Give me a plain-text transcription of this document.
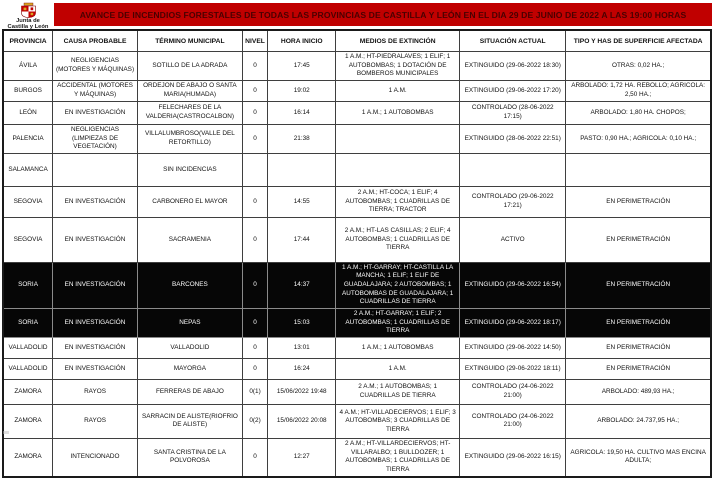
Junta de
Castilla y León
AVANCE DE INCENDIOS FORESTALES DE TODAS LAS PROVINCIAS DE CASTILLA Y LEÓN EN EL DIA 29 DE JUNIO DE 2022 A LAS 19:00 HORAS
PROVINCIA	CAUSA PROBABLE	TÉRMINO MUNICIPAL	NIVEL	HORA INICIO	MEDIOS DE EXTINCIÓN	SITUACIÓN ACTUAL	TIPO Y HAS DE SUPERFICIE AFECTADA
ÁVILA	NEGLIGENCIAS (MOTORES Y MÁQUINAS)	SOTILLO DE LA ADRADA	0	17:45	1 A.M.; HT-PIEDRALAVES; 1 ELIF; 1 AUTOBOMBAS; 1 DOTACIÓN DE BOMBEROS MUNICIPALES	EXTINGUIDO (29-06-2022 18:30)	OTRAS: 0,02 HA.;
BURGOS	ACCIDENTAL (MOTORES Y MÁQUINAS)	ORDEJON DE ABAJO O SANTA MARIA(HUMADA)	0	19:02	1 A.M.	EXTINGUIDO (29-06-2022 17:20)	ARBOLADO: 1,72 HA. REBOLLO; AGRICOLA: 2,50 HA.;
LEÓN	EN INVESTIGACIÓN	FELECHARES DE LA VALDERIA(CASTROCALBON)	0	16:14	1 A.M.; 1 AUTOBOMBAS	CONTROLADO (28-06-2022 17:15)	ARBOLADO: 1,80 HA. CHOPOS;
PALENCIA	NEGLIGENCIAS (LIMPIEZAS DE VEGETACIÓN)	VILLALUMBROSO(VALLE DEL RETORTILLO)	0	21:38		EXTINGUIDO (28-06-2022 22:51)	PASTO: 0,90 HA.; AGRICOLA: 0,10 HA.;
SALAMANCA		SIN INCIDENCIAS					
SEGOVIA	EN INVESTIGACIÓN	CARBONERO EL MAYOR	0	14:55	2 A.M.; HT-COCA; 1 ELIF; 4 AUTOBOMBAS; 1 CUADRILLAS DE TIERRA; TRACTOR	CONTROLADO (29-06-2022 17:21)	EN PERIMETRACIÓN
SEGOVIA	EN INVESTIGACIÓN	SACRAMENIA	0	17:44	2 A.M.; HT-LAS CASILLAS; 2 ELIF; 4 AUTOBOMBAS; 1 CUADRILLAS DE TIERRA	ACTIVO	EN PERIMETRACIÓN
SORIA	EN INVESTIGACIÓN	BARCONES	0	14:37	1 A.M.; HT-GARRAY; HT-CASTILLA LA MANCHA; 1 ELIF; 1 ELIF DE GUADALAJARA; 2 AUTOBOMBAS; 1 AUTOBOMBAS DE GUADALAJARA; 1 CUADRILLAS DE TIERRA	EXTINGUIDO (29-06-2022 16:54)	EN PERIMETRACIÓN
SORIA	EN INVESTIGACIÓN	NEPAS	0	15:03	2 A.M.; HT-GARRAY; 1 ELIF; 2 AUTOBOMBAS; 1 CUADRILLAS DE TIERRA	EXTINGUIDO (29-06-2022 18:17)	EN PERIMETRACIÓN
VALLADOLID	EN INVESTIGACIÓN	VALLADOLID	0	13:01	1 A.M.; 1 AUTOBOMBAS	EXTINGUIDO (29-06-2022 14:50)	EN PERIMETRACIÓN
VALLADOLID	EN INVESTIGACIÓN	MAYORGA	0	16:24	1 A.M.	EXTINGUIDO (29-06-2022 18:11)	EN PERIMETRACIÓN
ZAMORA	RAYOS	FERRERAS DE ABAJO	0(1)	15/06/2022 19:48	2 A.M.; 1 AUTOBOMBAS; 1 CUADRILLAS DE TIERRA	CONTROLADO (24-06-2022 21:00)	ARBOLADO: 489,93 HA.;
ZAMORA	RAYOS	SARRACIN DE ALISTE(RIOFRIO DE ALISTE)	0(2)	15/06/2022 20:08	4 A.M.; HT-VILLADECIERVOS; 1 ELIF; 3 AUTOBOMBAS; 3 CUADRILLAS DE TIERRA	CONTROLADO (24-06-2022 21:00)	ARBOLADO: 24.737,95 HA.;
ZAMORA	INTENCIONADO	SANTA CRISTINA DE LA POLVOROSA	0	12:27	2 A.M.; HT-VILLARDECIERVOS; HT-VILLARALBO; 1 BULLDOZER; 1 AUTOBOMBAS; 1 CUADRILLAS DE TIERRA	EXTINGUIDO (29-06-2022 16:15)	AGRICOLA: 19,50 HA. CULTIVO MAS ENCINA ADULTA;
